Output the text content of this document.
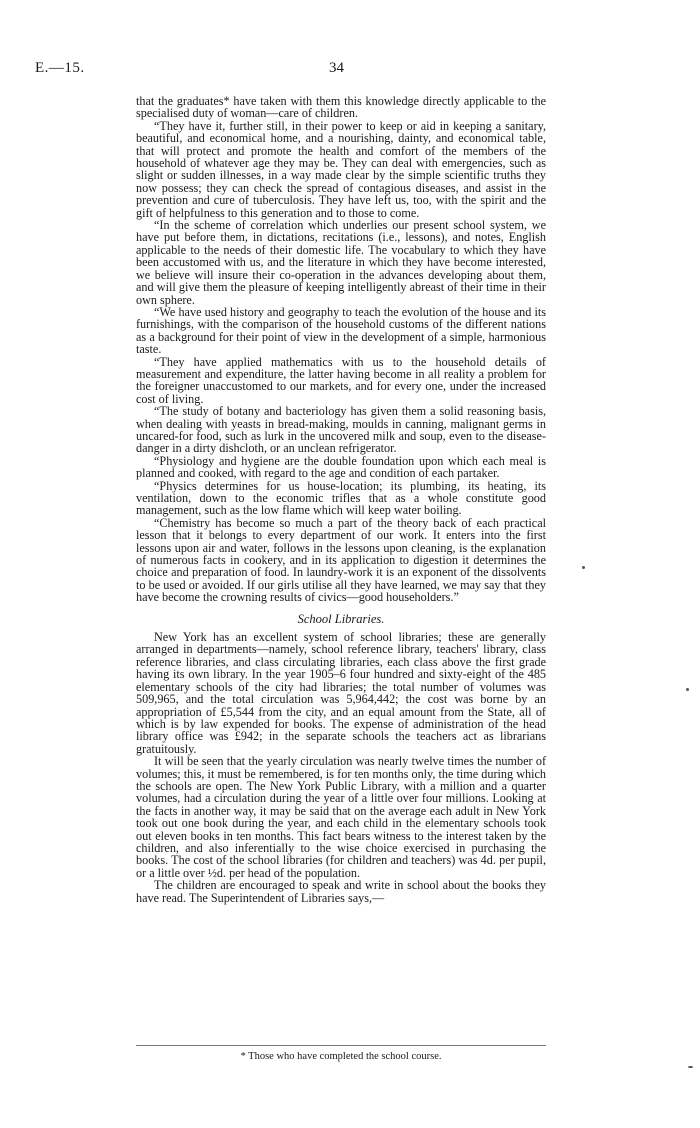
E.—15.	34

that the graduates* have taken with them this knowledge directly applicable to the specialised duty of woman—care of children.

“They have it, further still, in their power to keep or aid in keeping a sanitary, beautiful, and economical home, and a nourishing, dainty, and economical table, that will protect and promote the health and comfort of the members of the household of whatever age they may be. They can deal with emergencies, such as slight or sudden illnesses, in a way made clear by the simple scientific truths they now possess; they can check the spread of contagious diseases, and assist in the prevention and cure of tuberculosis. They have left us, too, with the spirit and the gift of helpfulness to this generation and to those to come.

“In the scheme of correlation which underlies our present school system, we have put before them, in dictations, recitations (i.e., lessons), and notes, English applicable to the needs of their domestic life. The vocabulary to which they have been accustomed with us, and the literature in which they have become interested, we believe will insure their co-operation in the advances developing about them, and will give them the pleasure of keeping intelligently abreast of their time in their own sphere.

“We have used history and geography to teach the evolution of the house and its furnishings, with the comparison of the household customs of the different nations as a background for their point of view in the development of a simple, harmonious taste.

“They have applied mathematics with us to the household details of measurement and expenditure, the latter having become in all reality a problem for the foreigner unaccustomed to our markets, and for every one, under the increased cost of living.

“The study of botany and bacteriology has given them a solid reasoning basis, when dealing with yeasts in bread-making, moulds in canning, malignant germs in uncared-for food, such as lurk in the uncovered milk and soup, even to the disease-danger in a dirty dishcloth, or an unclean refrigerator.

“Physiology and hygiene are the double foundation upon which each meal is planned and cooked, with regard to the age and condition of each partaker.

“Physics determines for us house-location; its plumbing, its heating, its ventilation, down to the economic trifles that as a whole constitute good management, such as the low flame which will keep water boiling.

“Chemistry has become so much a part of the theory back of each practical lesson that it belongs to every department of our work. It enters into the first lessons upon air and water, follows in the lessons upon cleaning, is the explanation of numerous facts in cookery, and in its application to digestion it determines the choice and preparation of food. In laundry-work it is an exponent of the dissolvents to be used or avoided. If our girls utilise all they have learned, we may say that they have become the crowning results of civics—good householders.”

School Libraries.

New York has an excellent system of school libraries; these are generally arranged in departments—namely, school reference library, teachers' library, class reference libraries, and class circulating libraries, each class above the first grade having its own library. In the year 1905–6 four hundred and sixty-eight of the 485 elementary schools of the city had libraries; the total number of volumes was 509,965, and the total circulation was 5,964,442; the cost was borne by an appropriation of £5,544 from the city, and an equal amount from the State, all of which is by law expended for books. The expense of administration of the head library office was £942; in the separate schools the teachers act as librarians gratuitously.

It will be seen that the yearly circulation was nearly twelve times the number of volumes; this, it must be remembered, is for ten months only, the time during which the schools are open. The New York Public Library, with a million and a quarter volumes, had a circulation during the year of a little over four millions. Looking at the facts in another way, it may be said that on the average each adult in New York took out one book during the year, and each child in the elementary schools took out eleven books in ten months. This fact bears witness to the interest taken by the children, and also inferentially to the wise choice exercised in purchasing the books. The cost of the school libraries (for children and teachers) was 4d. per pupil, or a little over ½d. per head of the population.

The children are encouraged to speak and write in school about the books they have read. The Superintendent of Libraries says,—

* Those who have completed the school course.
